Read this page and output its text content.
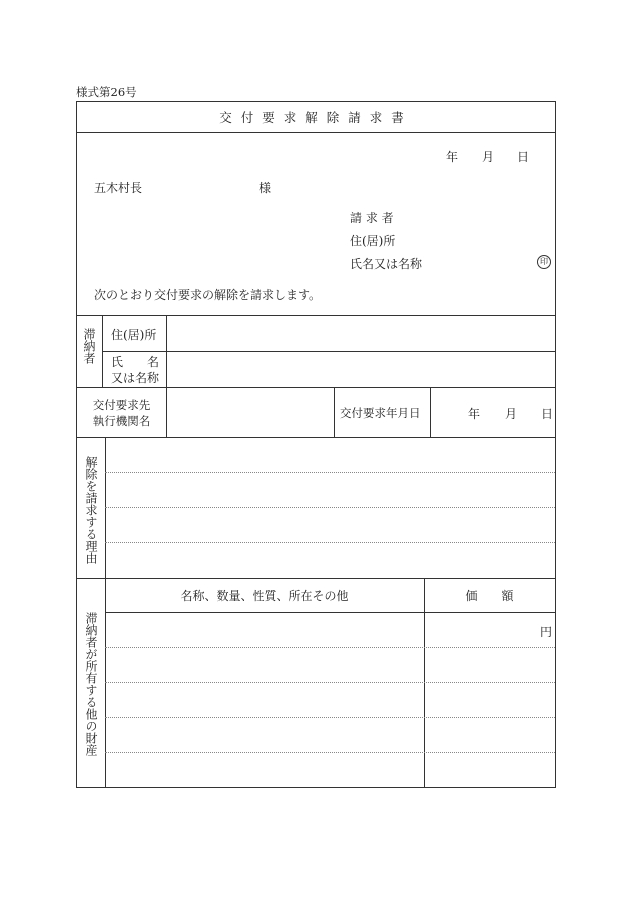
様式第26号
交付要求解除請求書
年 月 日
五木村長	様
請 求 者
住(居)所
氏名又は名称	印
次のとおり交付要求の解除を請求します。
滞納者 住(居)所
氏　　名
又は名称
交付要求先
執行機関名
交付要求年月日	年 月 日
解除を請求する理由
滞納者が所有する他の財産
名称、数量、性質、所在その他	価　　額
円
